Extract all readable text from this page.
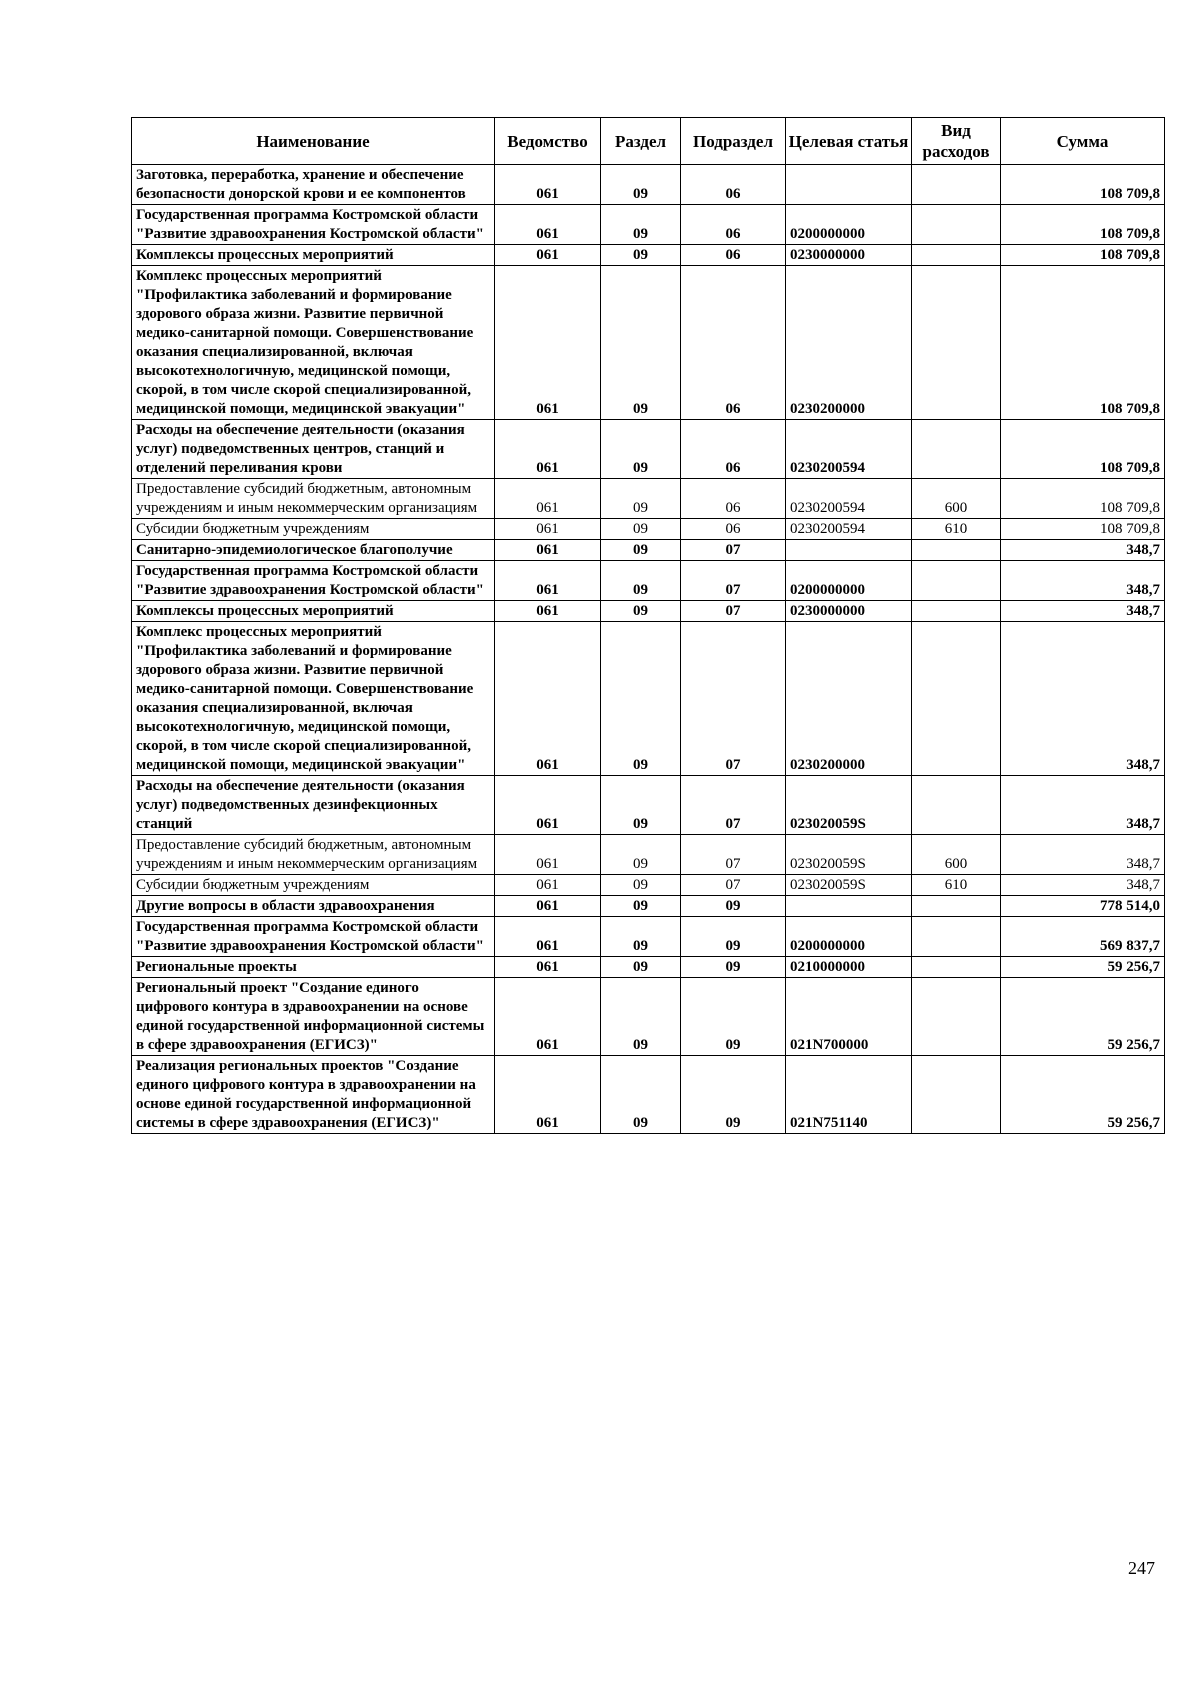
Наименование	Ведомство	Раздел	Подраздел	Целевая статья	Вид расходов	Сумма
Заготовка, переработка, хранение и обеспечение безопасности донорской крови и ее компонентов	061	09	06			108 709,8
Государственная программа Костромской области "Развитие здравоохранения Костромской области"	061	09	06	0200000000		108 709,8
Комплексы процессных мероприятий	061	09	06	0230000000		108 709,8
Комплекс процессных мероприятий "Профилактика заболеваний и формирование здорового образа жизни. Развитие первичной медико-санитарной помощи. Совершенствование оказания специализированной, включая высокотехнологичную, медицинской помощи, скорой, в том числе скорой специализированной, медицинской помощи, медицинской эвакуации"	061	09	06	0230200000		108 709,8
Расходы на обеспечение деятельности (оказания услуг) подведомственных центров, станций и отделений переливания крови	061	09	06	0230200594		108 709,8
Предоставление субсидий бюджетным, автономным учреждениям и иным некоммерческим организациям	061	09	06	0230200594	600	108 709,8
Субсидии бюджетным учреждениям	061	09	06	0230200594	610	108 709,8
Санитарно-эпидемиологическое благополучие	061	09	07			348,7
Государственная программа Костромской области "Развитие здравоохранения Костромской области"	061	09	07	0200000000		348,7
Комплексы процессных мероприятий	061	09	07	0230000000		348,7
Комплекс процессных мероприятий "Профилактика заболеваний и формирование здорового образа жизни. Развитие первичной медико-санитарной помощи. Совершенствование оказания специализированной, включая высокотехнологичную, медицинской помощи, скорой, в том числе скорой специализированной, медицинской помощи, медицинской эвакуации"	061	09	07	0230200000		348,7
Расходы на обеспечение деятельности (оказания услуг) подведомственных дезинфекционных станций	061	09	07	023020059S		348,7
Предоставление субсидий бюджетным, автономным учреждениям и иным некоммерческим организациям	061	09	07	023020059S	600	348,7
Субсидии бюджетным учреждениям	061	09	07	023020059S	610	348,7
Другие вопросы в области здравоохранения	061	09	09			778 514,0
Государственная программа Костромской области "Развитие здравоохранения Костромской области"	061	09	09	0200000000		569 837,7
Региональные проекты	061	09	09	0210000000		59 256,7
Региональный проект "Создание единого цифрового контура в здравоохранении на основе единой государственной информационной системы в сфере здравоохранения (ЕГИСЗ)"	061	09	09	021N700000		59 256,7
Реализация региональных проектов "Создание единого цифрового контура в здравоохранении на основе единой государственной информационной системы в сфере здравоохранения (ЕГИСЗ)"	061	09	09	021N751140		59 256,7
247
